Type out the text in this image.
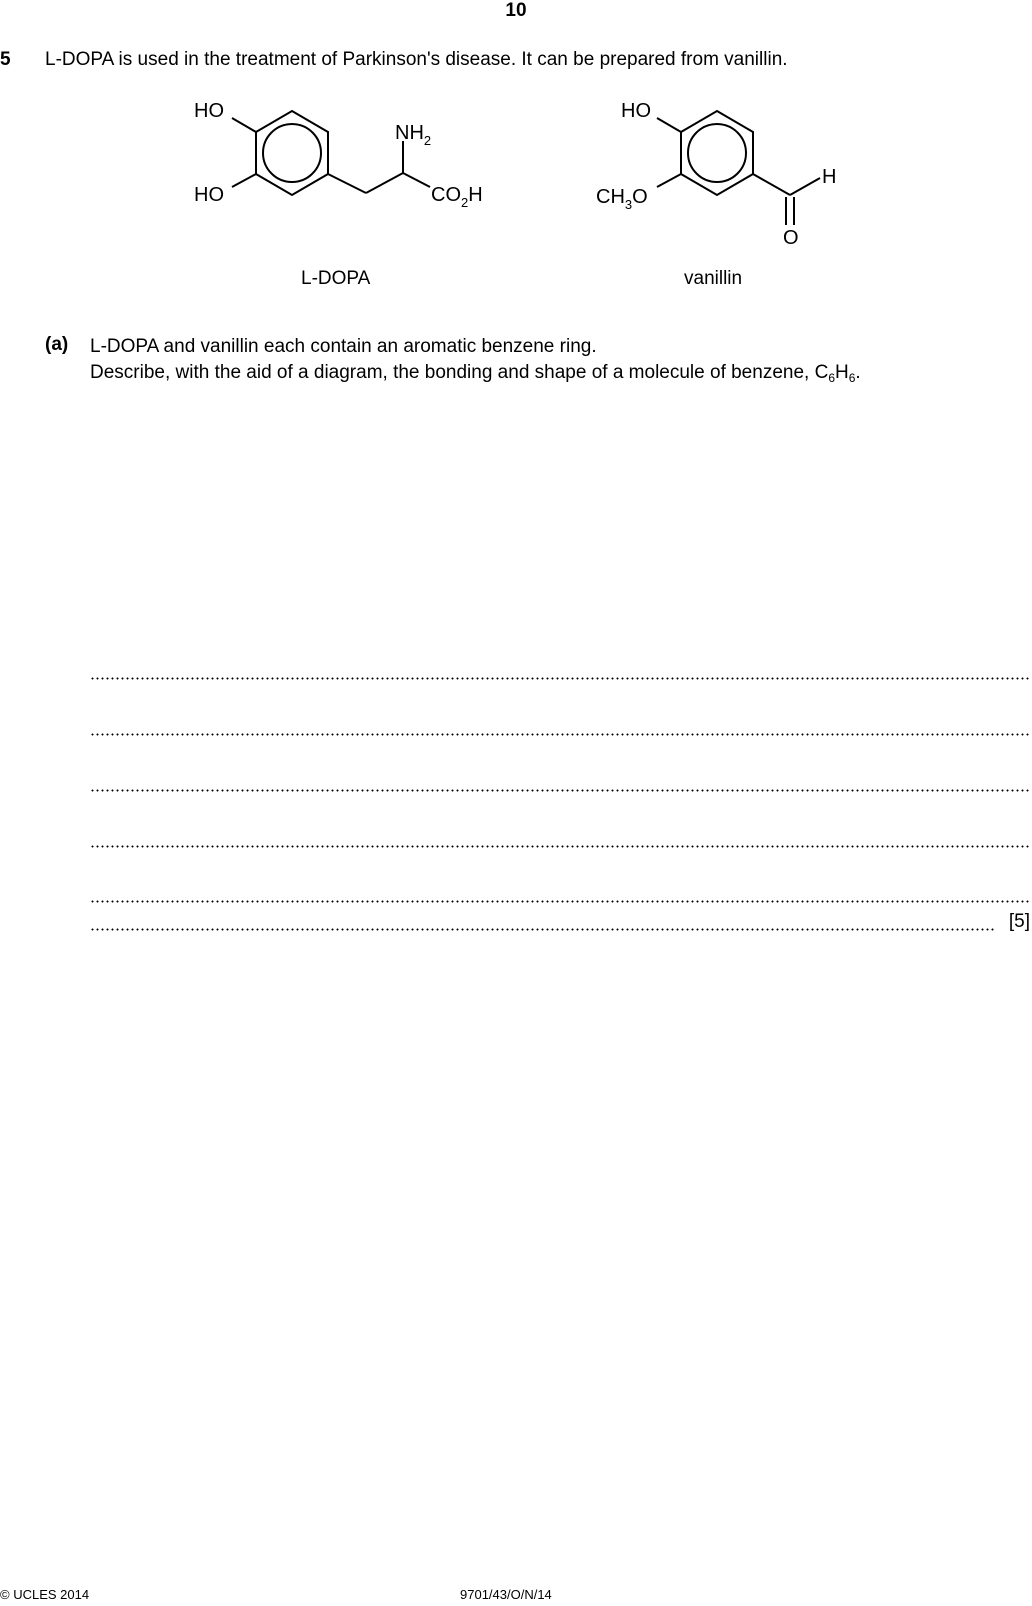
10
5 L-DOPA is used in the treatment of Parkinson's disease. It can be prepared from vanillin.
HO
HO
$NH_2$
$CO_2H$
HO
$CH_3O$
H
O
L-DOPA	vanillin
(a) L-DOPA and vanillin each contain an aromatic benzene ring.
Describe, with the aid of a diagram, the bonding and shape of a molecule of benzene, $C_6H_6$.
[5]
© UCLES 2014	9701/43/O/N/14
